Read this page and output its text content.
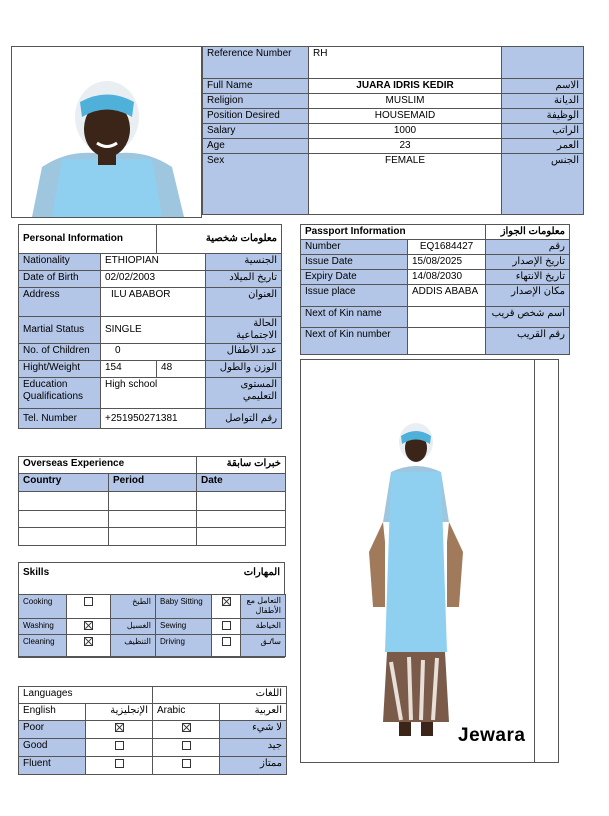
Reference Number	RH	
Full Name	JUARA IDRIS KEDIR	الاسم
Religion	MUSLIM	الديانة
Position Desired	HOUSEMAID	الوظيفة
Salary	1000	الراتب
Age	23	العمر
Sex	FEMALE	الجنس
Personal Information		معلومات شخصية	
Nationality	ETHIOPIAN		الجنسية
Date of Birth	02/02/2003		تاريخ الميلاد
Address	ILU ABABOR		العنوان
Martial Status	SINGLE		الحالة الاجتماعية
No. of Children	0		عدد الأطفال
Hight/Weight	154	48	الوزن والطول
Education Qualifications	High school		المستوى التعليمي
Tel. Number	+251950271381		رقم التواصل
Passport Information		معلومات الجواز
Number	EQ1684427	رقم
Issue Date	15/08/2025	تاريخ الإصدار
Expiry Date	14/08/2030	تاريخ الانتهاء
Issue place	ADDIS ABABA	مكان الإصدار
Next of Kin name		اسم شخص قريب
Next of Kin number		رقم القريب
Jewara
Overseas Experience		خبرات سابقة
Country	Period	Date

Skills	المهارات
Cooking		الطبخ	Baby Sitting		التعامل مع الأطفال
Washing		الغسيل	Sewing		الخياطة
Cleaning		التنظيف	Driving		ساٸق
Languages		اللغات	
English	الإنجليزية	Arabic	العربية
Poor			لا شيء
Good			جيد
Fluent			ممتاز
